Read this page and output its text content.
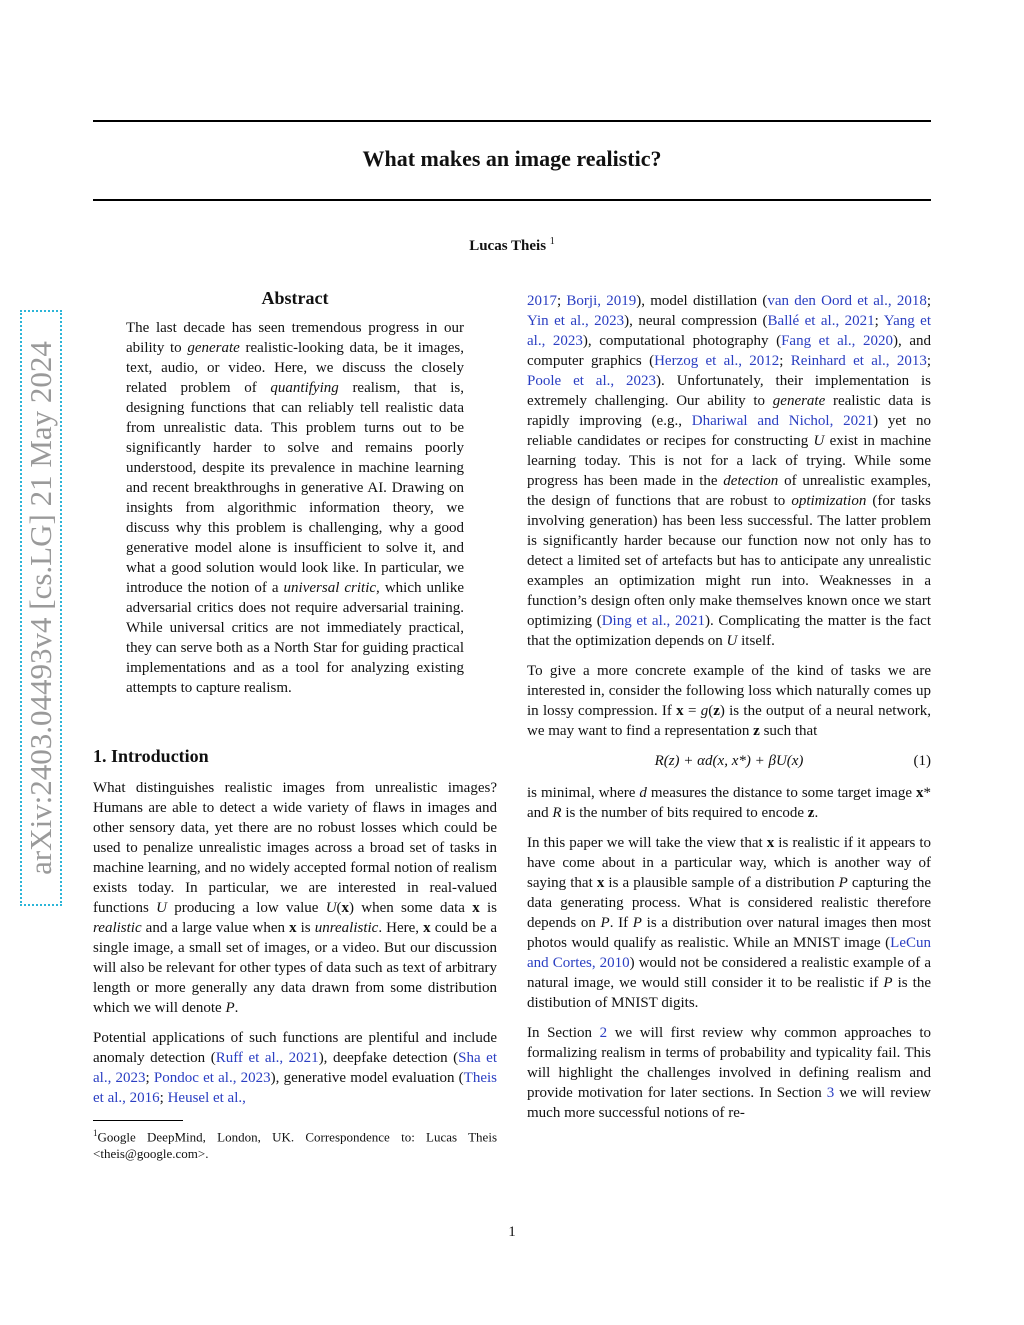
What makes an image realistic?
Lucas Theis $^1$
arXiv:2403.04493v4 [cs.LG] 21 May 2024
Abstract

The last decade has seen tremendous progress in our ability to generate realistic-looking data, be it images, text, audio, or video. Here, we discuss the closely related problem of quantifying realism, that is, designing functions that can reliably tell realistic data from unrealistic data. This problem turns out to be significantly harder to solve and remains poorly understood, despite its prevalence in machine learning and recent breakthroughs in generative AI. Drawing on insights from algorithmic information theory, we discuss why this problem is challenging, why a good generative model alone is insufficient to solve it, and what a good solution would look like. In particular, we introduce the notion of a universal critic, which unlike adversarial critics does not require adversarial training. While universal critics are not immediately practical, they can serve both as a North Star for guiding practical implementations and as a tool for analyzing existing attempts to capture realism.

1. Introduction

What distinguishes realistic images from unrealistic images? Humans are able to detect a wide variety of flaws in images and other sensory data, yet there are no robust losses which could be used to penalize unrealistic images across a broad set of tasks in machine learning, and no widely accepted formal notion of realism exists today. In particular, we are interested in real-valued functions U producing a low value U(x) when some data x is realistic and a large value when x is unrealistic. Here, x could be a single image, a small set of images, or a video. But our discussion will also be relevant for other types of data such as text of arbitrary length or more generally any data drawn from some distribution which we will denote P.

Potential applications of such functions are plentiful and include anomaly detection (Ruff et al., 2021), deepfake detection (Sha et al., 2023; Pondoc et al., 2023), generative model evaluation (Theis et al., 2016; Heusel et al.,

$^1$Google DeepMind, London, UK. Correspondence to: Lucas Theis <theis@google.com>.

2017; Borji, 2019), model distillation (van den Oord et al., 2018; Yin et al., 2023), neural compression (Ballé et al., 2021; Yang et al., 2023), computational photography (Fang et al., 2020), and computer graphics (Herzog et al., 2012; Reinhard et al., 2013; Poole et al., 2023). Unfortunately, their implementation is extremely challenging. Our ability to generate realistic data is rapidly improving (e.g., Dhariwal and Nichol, 2021) yet no reliable candidates or recipes for constructing U exist in machine learning today. This is not for a lack of trying. While some progress has been made in the detection of unrealistic examples, the design of functions that are robust to optimization (for tasks involving generation) has been less successful. The latter problem is significantly harder because our function now not only has to detect a limited set of artefacts but has to anticipate any unrealistic examples an optimization might run into. Weaknesses in a function’s design often only make themselves known once we start optimizing (Ding et al., 2021). Complicating the matter is the fact that the optimization depends on U itself.

To give a more concrete example of the kind of tasks we are interested in, consider the following loss which naturally comes up in lossy compression. If x = g(z) is the output of a neural network, we may want to find a representation z such that

R(z) + αd(x, x*) + βU(x)	(1)

is minimal, where d measures the distance to some target image x* and R is the number of bits required to encode z.

In this paper we will take the view that x is realistic if it appears to have come about in a particular way, which is another way of saying that x is a plausible sample of a distribution P capturing the data generating process. What is considered realistic therefore depends on P. If P is a distribution over natural images then most photos would qualify as realistic. While an MNIST image (LeCun and Cortes, 2010) would not be considered a realistic example of a natural image, we would still consider it to be realistic if P is the distibution of MNIST digits.

In Section 2 we will first review why common approaches to formalizing realism in terms of probability and typicality fail. This will highlight the challenges involved in defining realism and provide motivation for later sections. In Section 3 we will review much more successful notions of re-

1
